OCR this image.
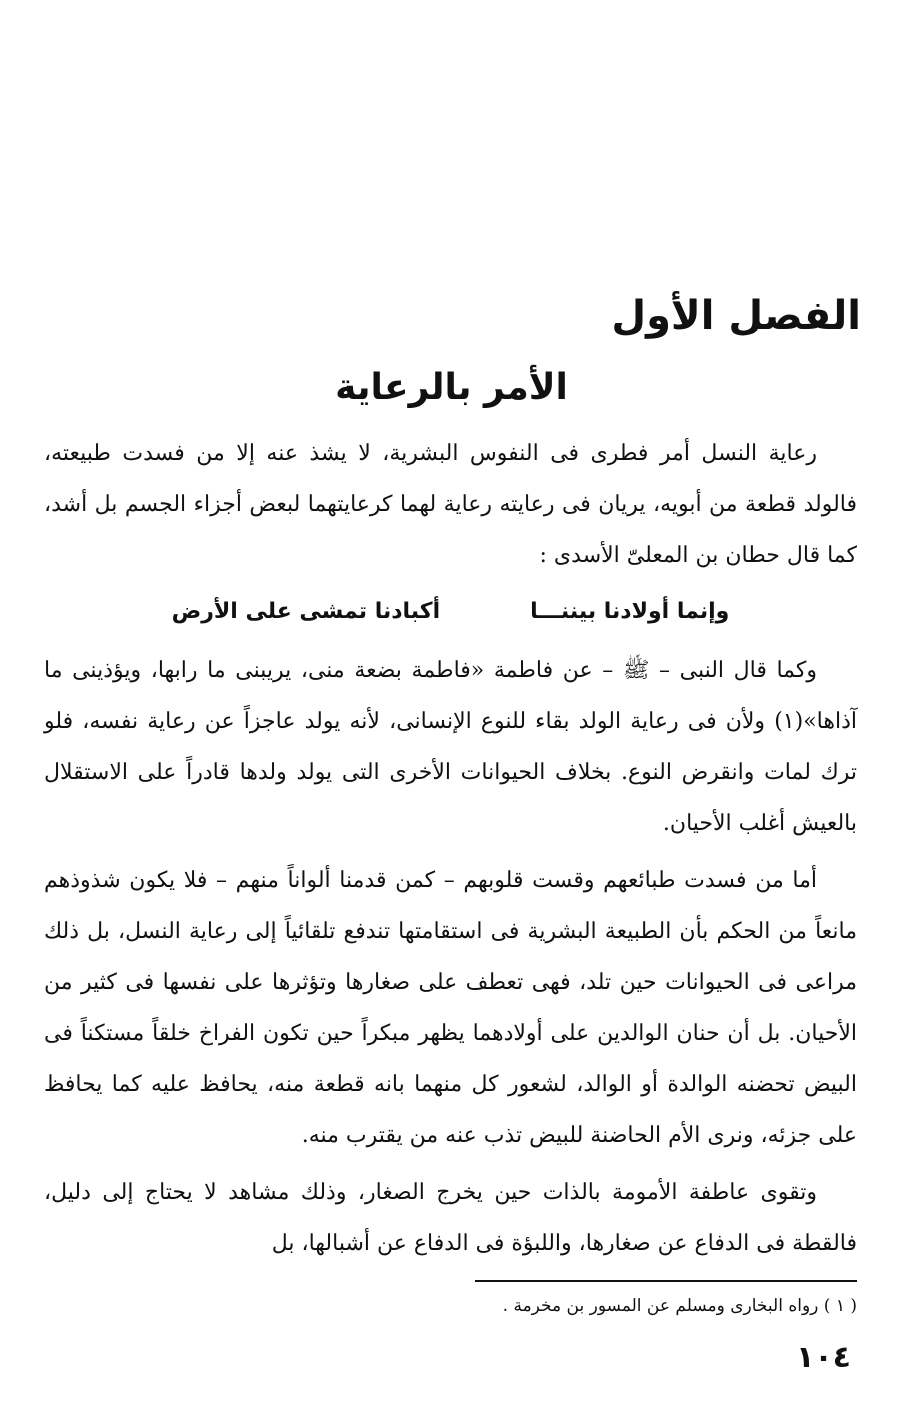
الفصل الأول
الأمر بالرعاية

رعاية النسل أمر فطرى فى النفوس البشرية، لا يشذ عنه إلا من فسدت طبيعته، فالولد قطعة من أبويه، يريان فى رعايته رعاية لهما كرعايتهما لبعض أجزاء الجسم بل أشد، كما قال حطان بن المعلىّ الأسدى :

وإنما أولادنا بيننـــا
أكبادنا تمشى على الأرض

وكما قال النبى – ﷺ – عن فاطمة «فاطمة بضعة منى، يريبنى ما رابها، ويؤذينى ما آذاها»(١) ولأن فى رعاية الولد بقاء للنوع الإنسانى، لأنه يولد عاجزاً عن رعاية نفسه، فلو ترك لمات وانقرض النوع. بخلاف الحيوانات الأخرى التى يولد ولدها قادراً على الاستقلال بالعيش أغلب الأحيان.

أما من فسدت طبائعهم وقست قلوبهم – كمن قدمنا ألواناً منهم – فلا يكون شذوذهم مانعاً من الحكم بأن الطبيعة البشرية فى استقامتها تندفع تلقائياً إلى رعاية النسل، بل ذلك مراعى فى الحيوانات حين تلد، فهى تعطف على صغارها وتؤثرها على نفسها فى كثير من الأحيان. بل أن حنان الوالدين على أولادهما يظهر مبكراً حين تكون الفراخ خلقاً مستكناً فى البيض تحضنه الوالدة أو الوالد، لشعور كل منهما بانه قطعة منه، يحافظ عليه كما يحافظ على جزئه، ونرى الأم الحاضنة للبيض تذب عنه من يقترب منه.

وتقوى عاطفة الأمومة بالذات حين يخرج الصغار، وذلك مشاهد لا يحتاج إلى دليل، فالقطة فى الدفاع عن صغارها، واللبؤة فى الدفاع عن أشبالها، بل

( ١ ) رواه البخارى ومسلم عن المسور بن مخرمة .

١٠٤
